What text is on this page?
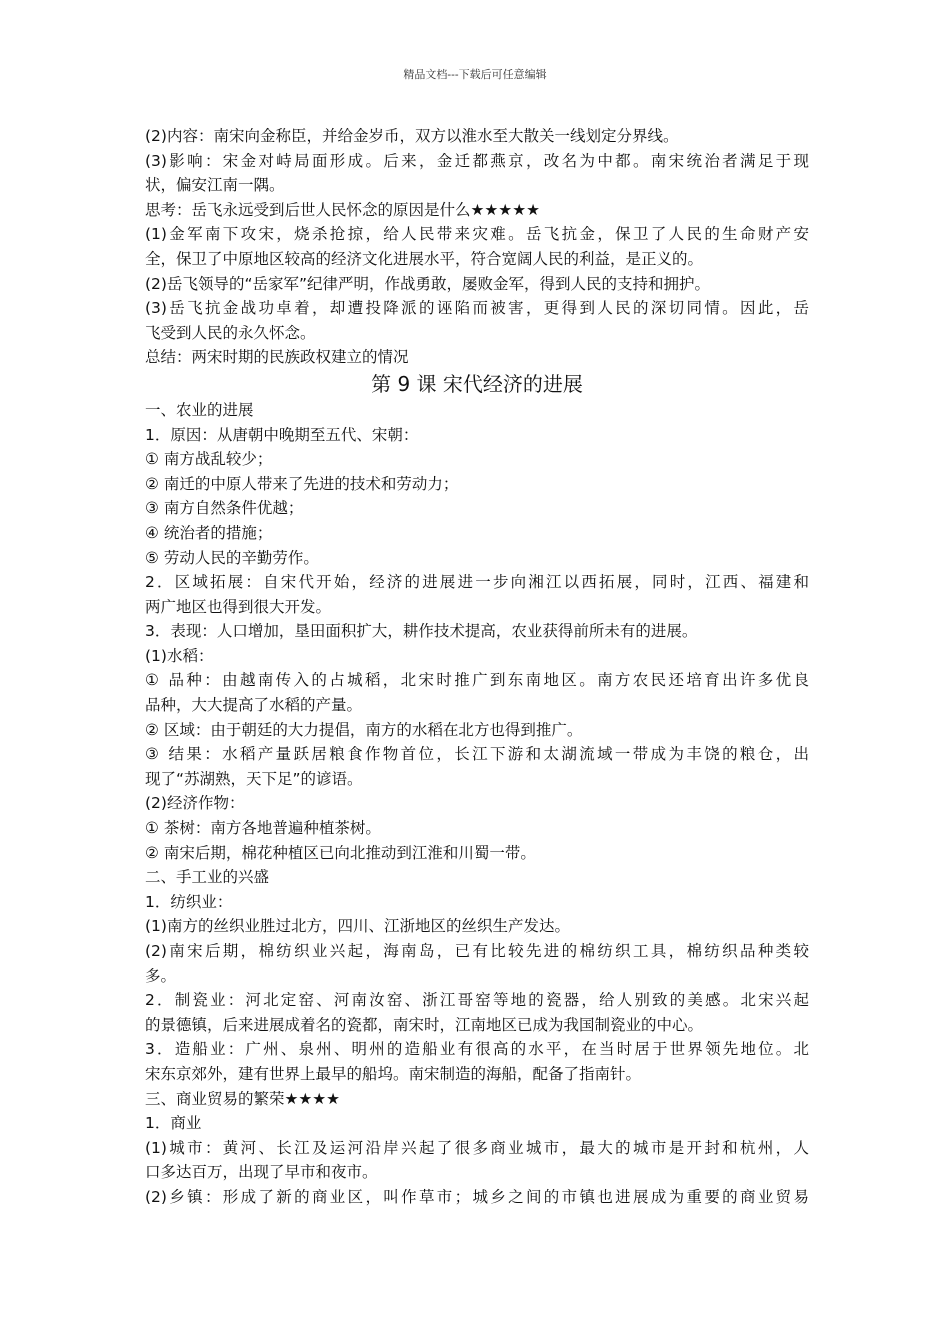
精品文档---下载后可任意编辑
(2)内容：南宋向金称臣，并给金岁币，双方以淮水至大散关一线划定分界线。
(3)影响：宋金对峙局面形成。后来，金迁都燕京，改名为中都。南宋统治者满足于现
状，偏安江南一隅。
思考：岳飞永远受到后世人民怀念的原因是什么★★★★★
(1)金军南下攻宋，烧杀抢掠，给人民带来灾难。岳飞抗金，保卫了人民的生命财产安
全，保卫了中原地区较高的经济文化进展水平，符合宽阔人民的利益，是正义的。
(2)岳飞领导的“岳家军”纪律严明，作战勇敢，屡败金军，得到人民的支持和拥护。
(3)岳飞抗金战功卓着，却遭投降派的诬陷而被害，更得到人民的深切同情。因此，岳
飞受到人民的永久怀念。
总结：两宋时期的民族政权建立的情况
第 9 课 宋代经济的进展
一、农业的进展
1．原因：从唐朝中晚期至五代、宋朝：
① 南方战乱较少；
② 南迁的中原人带来了先进的技术和劳动力；
③ 南方自然条件优越；
④ 统治者的措施；
⑤ 劳动人民的辛勤劳作。
2．区域拓展：自宋代开始，经济的进展进一步向湘江以西拓展，同时，江西、福建和
两广地区也得到很大开发。
3．表现：人口增加，垦田面积扩大，耕作技术提高，农业获得前所未有的进展。
(1)水稻：
① 品种：由越南传入的占城稻，北宋时推广到东南地区。南方农民还培育出许多优良
品种，大大提高了水稻的产量。
② 区域：由于朝廷的大力提倡，南方的水稻在北方也得到推广。
③ 结果：水稻产量跃居粮食作物首位，长江下游和太湖流域一带成为丰饶的粮仓，出
现了“苏湖熟，天下足”的谚语。
(2)经济作物：
① 茶树：南方各地普遍种植茶树。
② 南宋后期，棉花种植区已向北推动到江淮和川蜀一带。
二、手工业的兴盛
1．纺织业：
(1)南方的丝织业胜过北方，四川、江浙地区的丝织生产发达。
(2)南宋后期，棉纺织业兴起，海南岛，已有比较先进的棉纺织工具，棉纺织品种类较
多。
2．制瓷业：河北定窑、河南汝窑、浙江哥窑等地的瓷器，给人别致的美感。北宋兴起
的景德镇，后来进展成着名的瓷都，南宋时，江南地区已成为我国制瓷业的中心。
3．造船业：广州、泉州、明州的造船业有很高的水平，在当时居于世界领先地位。北
宋东京郊外，建有世界上最早的船坞。南宋制造的海船，配备了指南针。
三、商业贸易的繁荣★★★★
1．商业
(1)城市：黄河、长江及运河沿岸兴起了很多商业城市，最大的城市是开封和杭州，人
口多达百万，出现了早市和夜市。
(2)乡镇：形成了新的商业区，叫作草市；城乡之间的市镇也进展成为重要的商业贸易
